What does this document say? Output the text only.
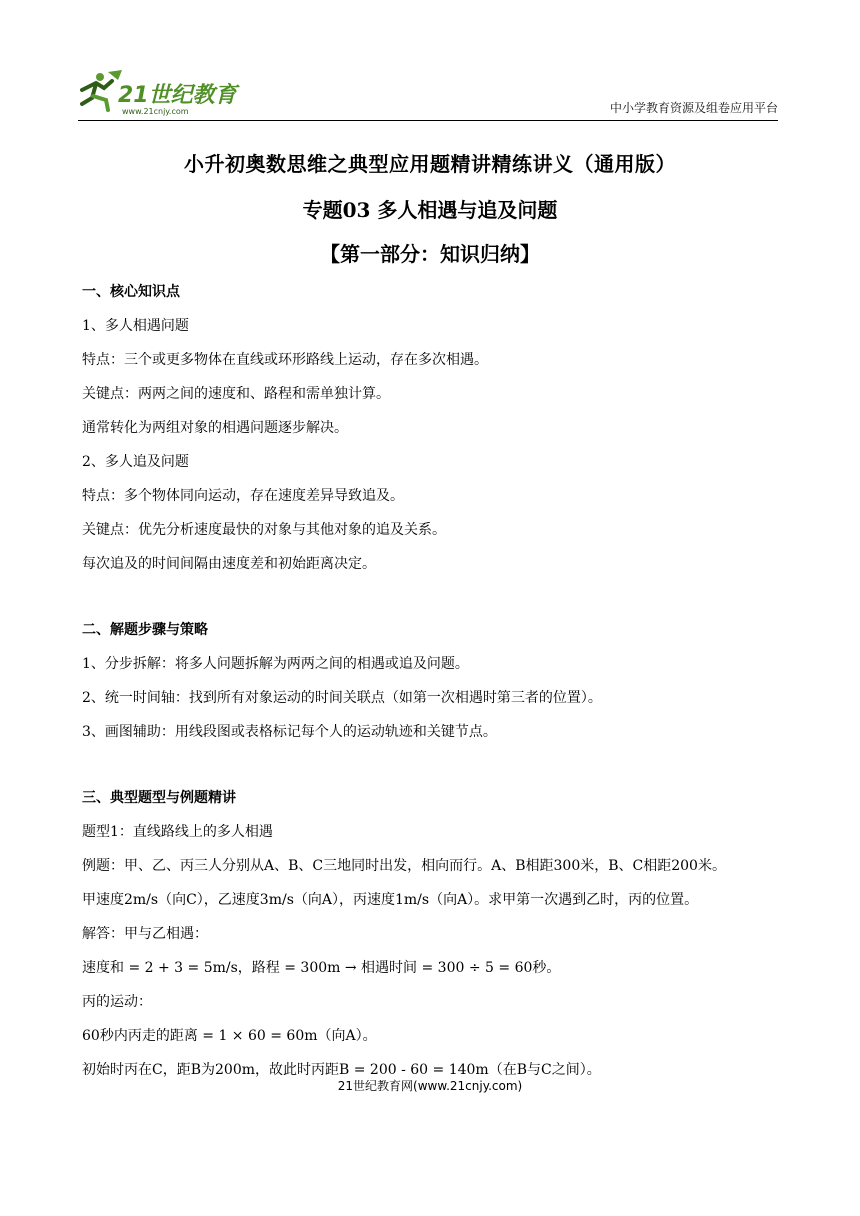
21世纪教育
www.21cnjy.com	中小学教育资源及组卷应用平台
小升初奥数思维之典型应用题精讲精练讲义（通用版）
专题03 多人相遇与追及问题
【第一部分：知识归纳】
一、核心知识点
1、多人相遇问题
特点：三个或更多物体在直线或环形路线上运动，存在多次相遇。
关键点：两两之间的速度和、路程和需单独计算。
通常转化为两组对象的相遇问题逐步解决。
2、多人追及问题
特点：多个物体同向运动，存在速度差异导致追及。
关键点：优先分析速度最快的对象与其他对象的追及关系。
每次追及的时间间隔由速度差和初始距离决定。
二、解题步骤与策略
1、分步拆解：将多人问题拆解为两两之间的相遇或追及问题。
2、统一时间轴：找到所有对象运动的时间关联点（如第一次相遇时第三者的位置）。
3、画图辅助：用线段图或表格标记每个人的运动轨迹和关键节点。
三、典型题型与例题精讲
题型1：直线路线上的多人相遇
例题：甲、乙、丙三人分别从A、B、C三地同时出发，相向而行。A、B相距300米，B、C相距200米。
甲速度2m/s（向C），乙速度3m/s（向A），丙速度1m/s（向A）。求甲第一次遇到乙时，丙的位置。
解答：甲与乙相遇：
速度和 = 2 + 3 = 5m/s，路程 = 300m → 相遇时间 = 300 ÷ 5 = 60秒。
丙的运动：
60秒内丙走的距离 = 1 × 60 = 60m（向A）。
初始时丙在C，距B为200m，故此时丙距B = 200 - 60 = 140m（在B与C之间）。
21世纪教育网(www.21cnjy.com)
